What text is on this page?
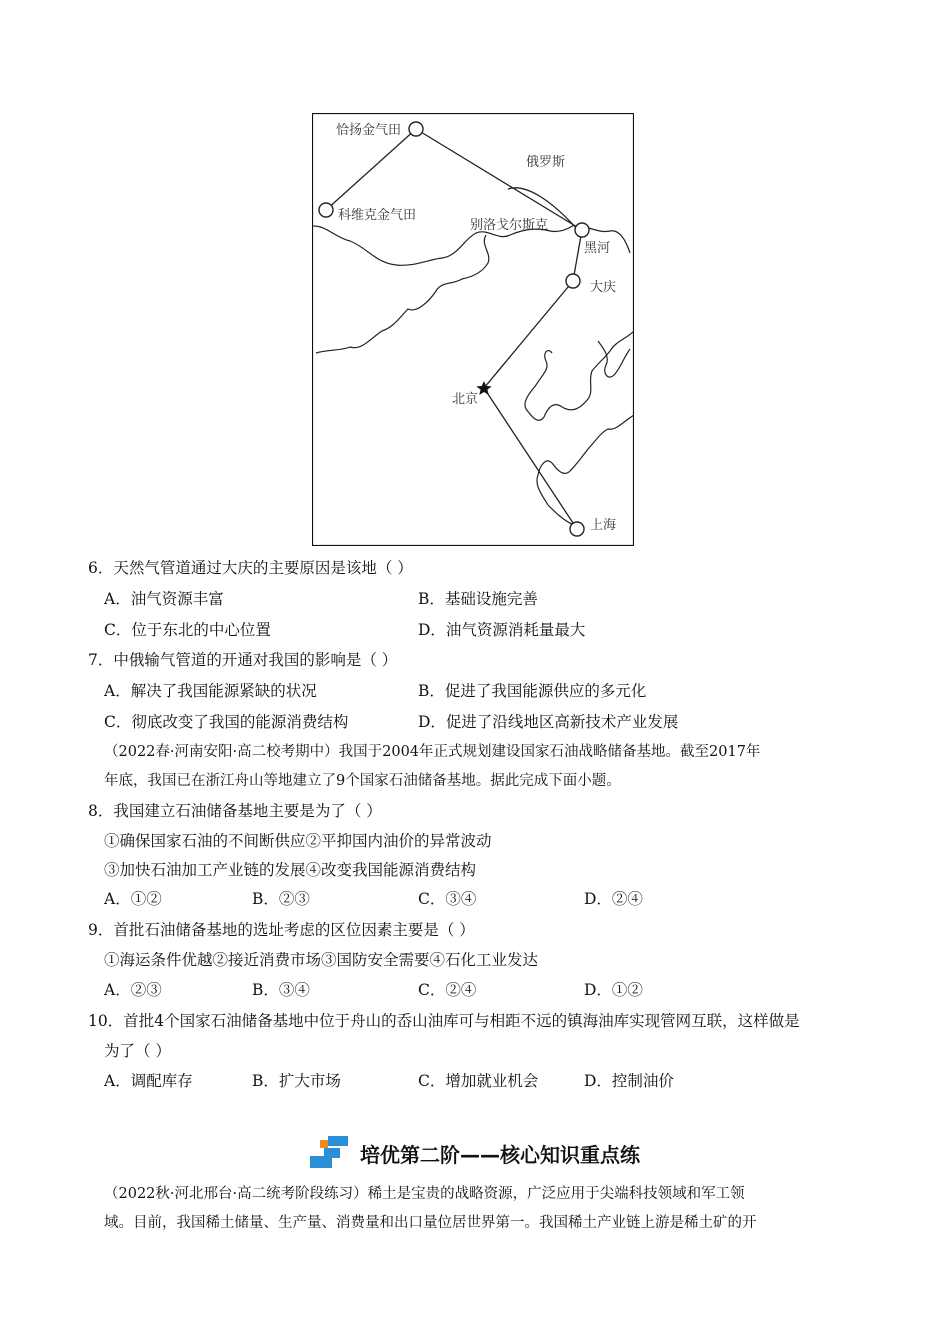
恰扬金气田
科维克金气田
俄罗斯
别洛戈尔斯克
黑河
大庆
北京
上海
6．天然气管道通过大庆的主要原因是该地（ ）
A．油气资源丰富	B．基础设施完善
C．位于东北的中心位置	D．油气资源消耗量最大
7．中俄输气管道的开通对我国的影响是（ ）
A．解决了我国能源紧缺的状况	B．促进了我国能源供应的多元化
C．彻底改变了我国的能源消费结构	D．促进了沿线地区高新技术产业发展
（2022春·河南安阳·高二校考期中）我国于2004年正式规划建设国家石油战略储备基地。截至2017年
年底，我国已在浙江舟山等地建立了9个国家石油储备基地。据此完成下面小题。
8．我国建立石油储备基地主要是为了（ ）
①确保国家石油的不间断供应②平抑国内油价的异常波动
③加快石油加工产业链的发展④改变我国能源消费结构
A．①②	B．②③	C．③④	D．②④
9．首批石油储备基地的选址考虑的区位因素主要是（ ）
①海运条件优越②接近消费市场③国防安全需要④石化工业发达
A．②③	B．③④	C．②④	D．①②
10．首批4个国家石油储备基地中位于舟山的岙山油库可与相距不远的镇海油库实现管网互联，这样做是
为了（ ）
A．调配库存	B．扩大市场	C．增加就业机会	D．控制油价
培优第二阶——核心知识重点练
（2022秋·河北邢台·高二统考阶段练习）稀土是宝贵的战略资源，广泛应用于尖端科技领域和军工领
域。目前，我国稀土储量、生产量、消费量和出口量位居世界第一。我国稀土产业链上游是稀土矿的开
